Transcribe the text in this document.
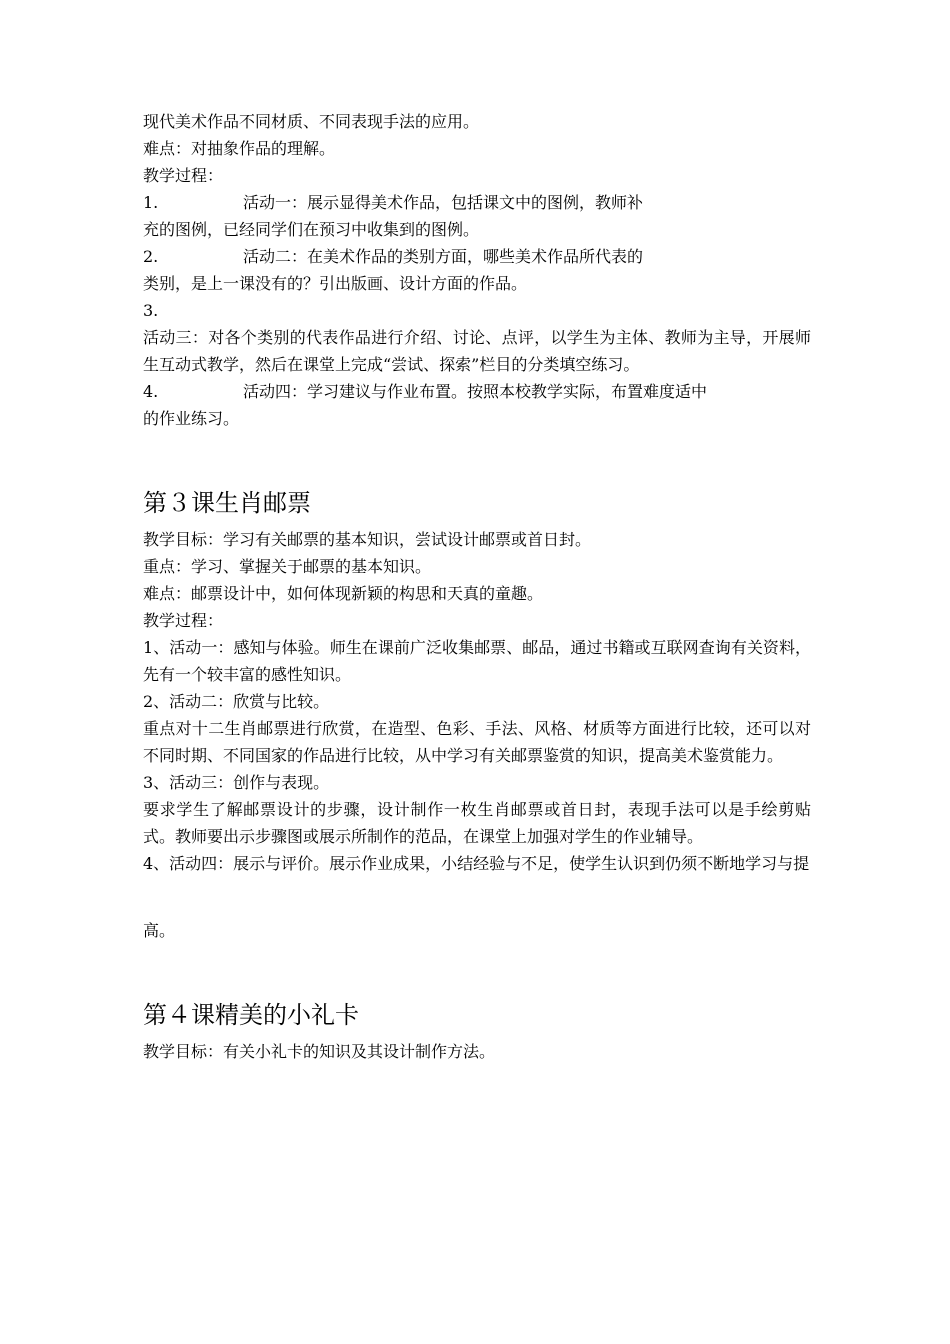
现代美术作品不同材质、不同表现手法的应用。

难点：对抽象作品的理解。

教学过程：

1.	活动一：展示显得美术作品，包括课文中的图例，教师补

充的图例，已经同学们在预习中收集到的图例。

2.	活动二：在美术作品的类别方面，哪些美术作品所代表的

类别，是上一课没有的？引出版画、设计方面的作品。

3.

活动三：对各个类别的代表作品进行介绍、讨论、点评，以学生为主体、教师为主导，开展师生互动式教学，然后在课堂上完成“尝试、探索”栏目的分类填空练习。

4.	活动四：学习建议与作业布置。按照本校教学实际，布置难度适中

的作业练习。

第３课生肖邮票

教学目标：学习有关邮票的基本知识，尝试设计邮票或首日封。

重点：学习、掌握关于邮票的基本知识。

难点：邮票设计中，如何体现新颖的构思和天真的童趣。

教学过程：

1、活动一：感知与体验。师生在课前广泛收集邮票、邮品，通过书籍或互联网查询有关资料，先有一个较丰富的感性知识。

2、活动二：欣赏与比较。

重点对十二生肖邮票进行欣赏，在造型、色彩、手法、风格、材质等方面进行比较，还可以对不同时期、不同国家的作品进行比较，从中学习有关邮票鉴赏的知识，提高美术鉴赏能力。

3、活动三：创作与表现。

要求学生了解邮票设计的步骤，设计制作一枚生肖邮票或首日封，表现手法可以是手绘剪贴式。教师要出示步骤图或展示所制作的范品，在课堂上加强对学生的作业辅导。

4、活动四：展示与评价。展示作业成果，小结经验与不足，使学生认识到仍须不断地学习与提

高。

第４课精美的小礼卡

教学目标：有关小礼卡的知识及其设计制作方法。
